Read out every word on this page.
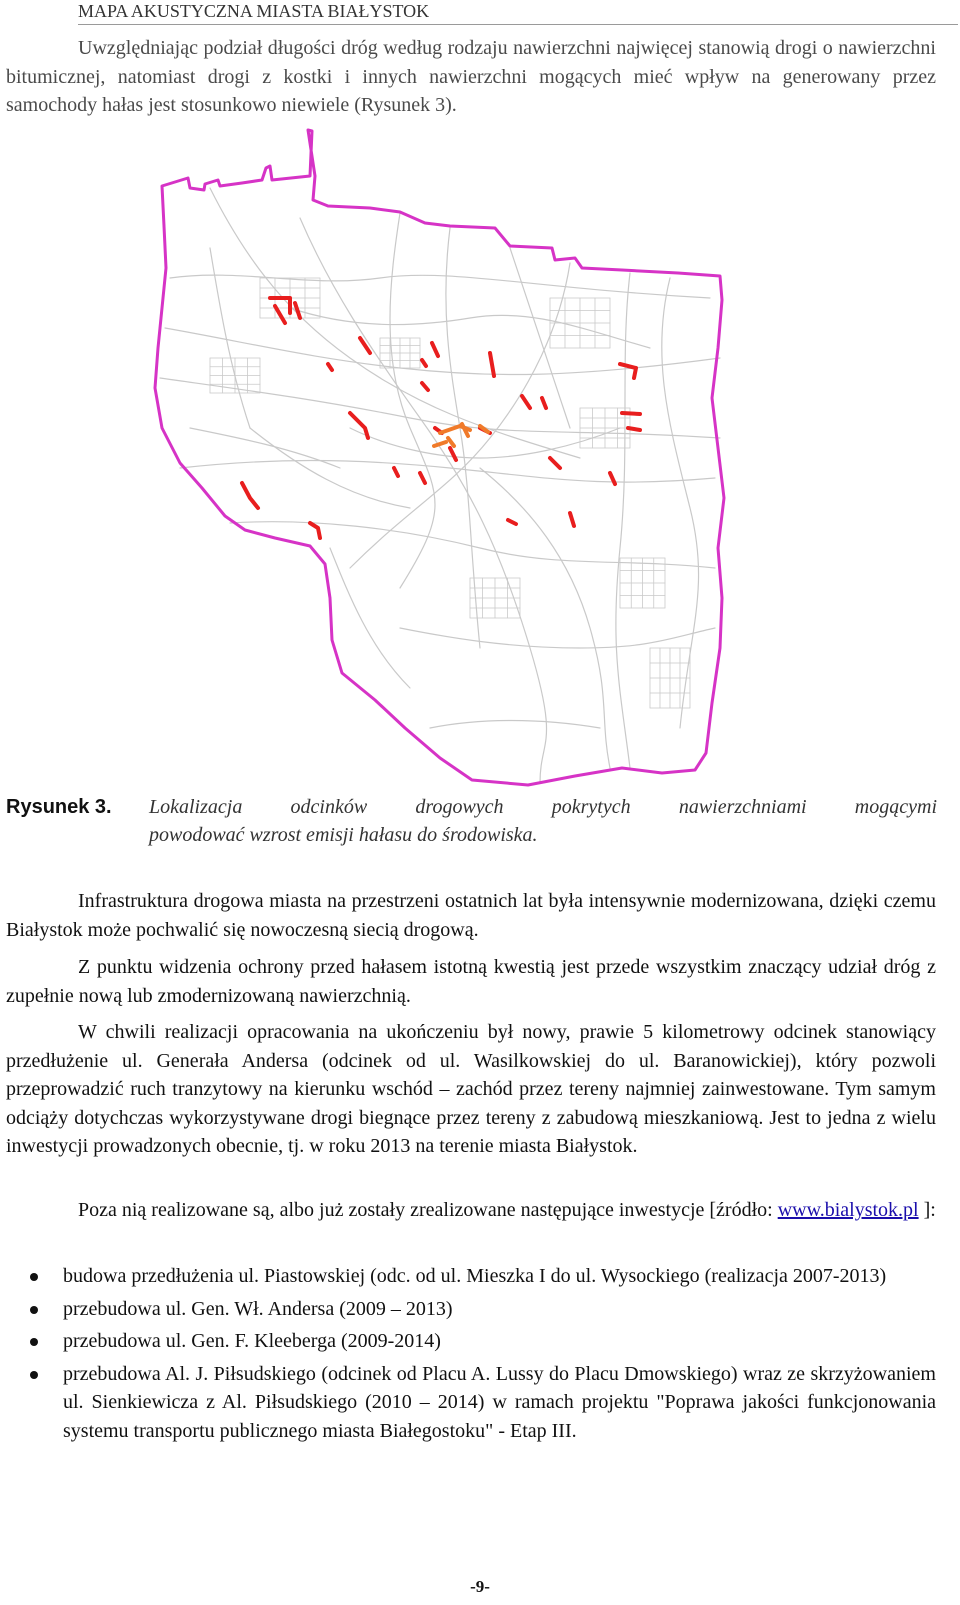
MAPA AKUSTYCZNA MIASTA BIAŁYSTOK

Uwzględniając podział długości dróg według rodzaju nawierzchni najwięcej stanowią drogi o nawierzchni bitumicznej, natomiast drogi z kostki i innych nawierzchni mogących mieć wpływ na generowany przez samochody hałas jest stosunkowo niewiele (Rysunek 3).

Rysunek 3. Lokalizacja odcinków drogowych pokrytych nawierzchniami mogącymi
powodować wzrost emisji hałasu do środowiska.

Infrastruktura drogowa miasta na przestrzeni ostatnich lat była intensywnie modernizowana, dzięki czemu Białystok może pochwalić się nowoczesną siecią drogową.

Z punktu widzenia ochrony przed hałasem istotną kwestią jest przede wszystkim znaczący udział dróg z zupełnie nową lub zmodernizowaną nawierzchnią.

W chwili realizacji opracowania na ukończeniu był nowy, prawie 5 kilometrowy odcinek stanowiący przedłużenie ul. Generała Andersa (odcinek od ul. Wasilkowskiej do ul. Baranowickiej), który pozwoli przeprowadzić ruch tranzytowy na kierunku wschód – zachód przez tereny najmniej zainwestowane. Tym samym odciąży dotychczas wykorzystywane drogi biegnące przez tereny z zabudową mieszkaniową. Jest to jedna z wielu inwestycji prowadzonych obecnie, tj. w roku 2013 na terenie miasta Białystok.

Poza nią realizowane są, albo już zostały zrealizowane następujące inwestycje [źródło: www.bialystok.pl ]:

budowa przedłużenia ul. Piastowskiej (odc. od ul. Mieszka I do ul. Wysockiego (realizacja 2007-2013)
przebudowa ul. Gen. Wł. Andersa (2009 – 2013)
przebudowa ul. Gen. F. Kleeberga (2009-2014)
przebudowa Al. J. Piłsudskiego (odcinek od Placu A. Lussy do Placu Dmowskiego) wraz ze skrzyżowaniem ul. Sienkiewicza z Al. Piłsudskiego (2010 – 2014) w ramach projektu "Poprawa jakości funkcjonowania systemu transportu publicznego miasta Białegostoku" - Etap III.
-9-
